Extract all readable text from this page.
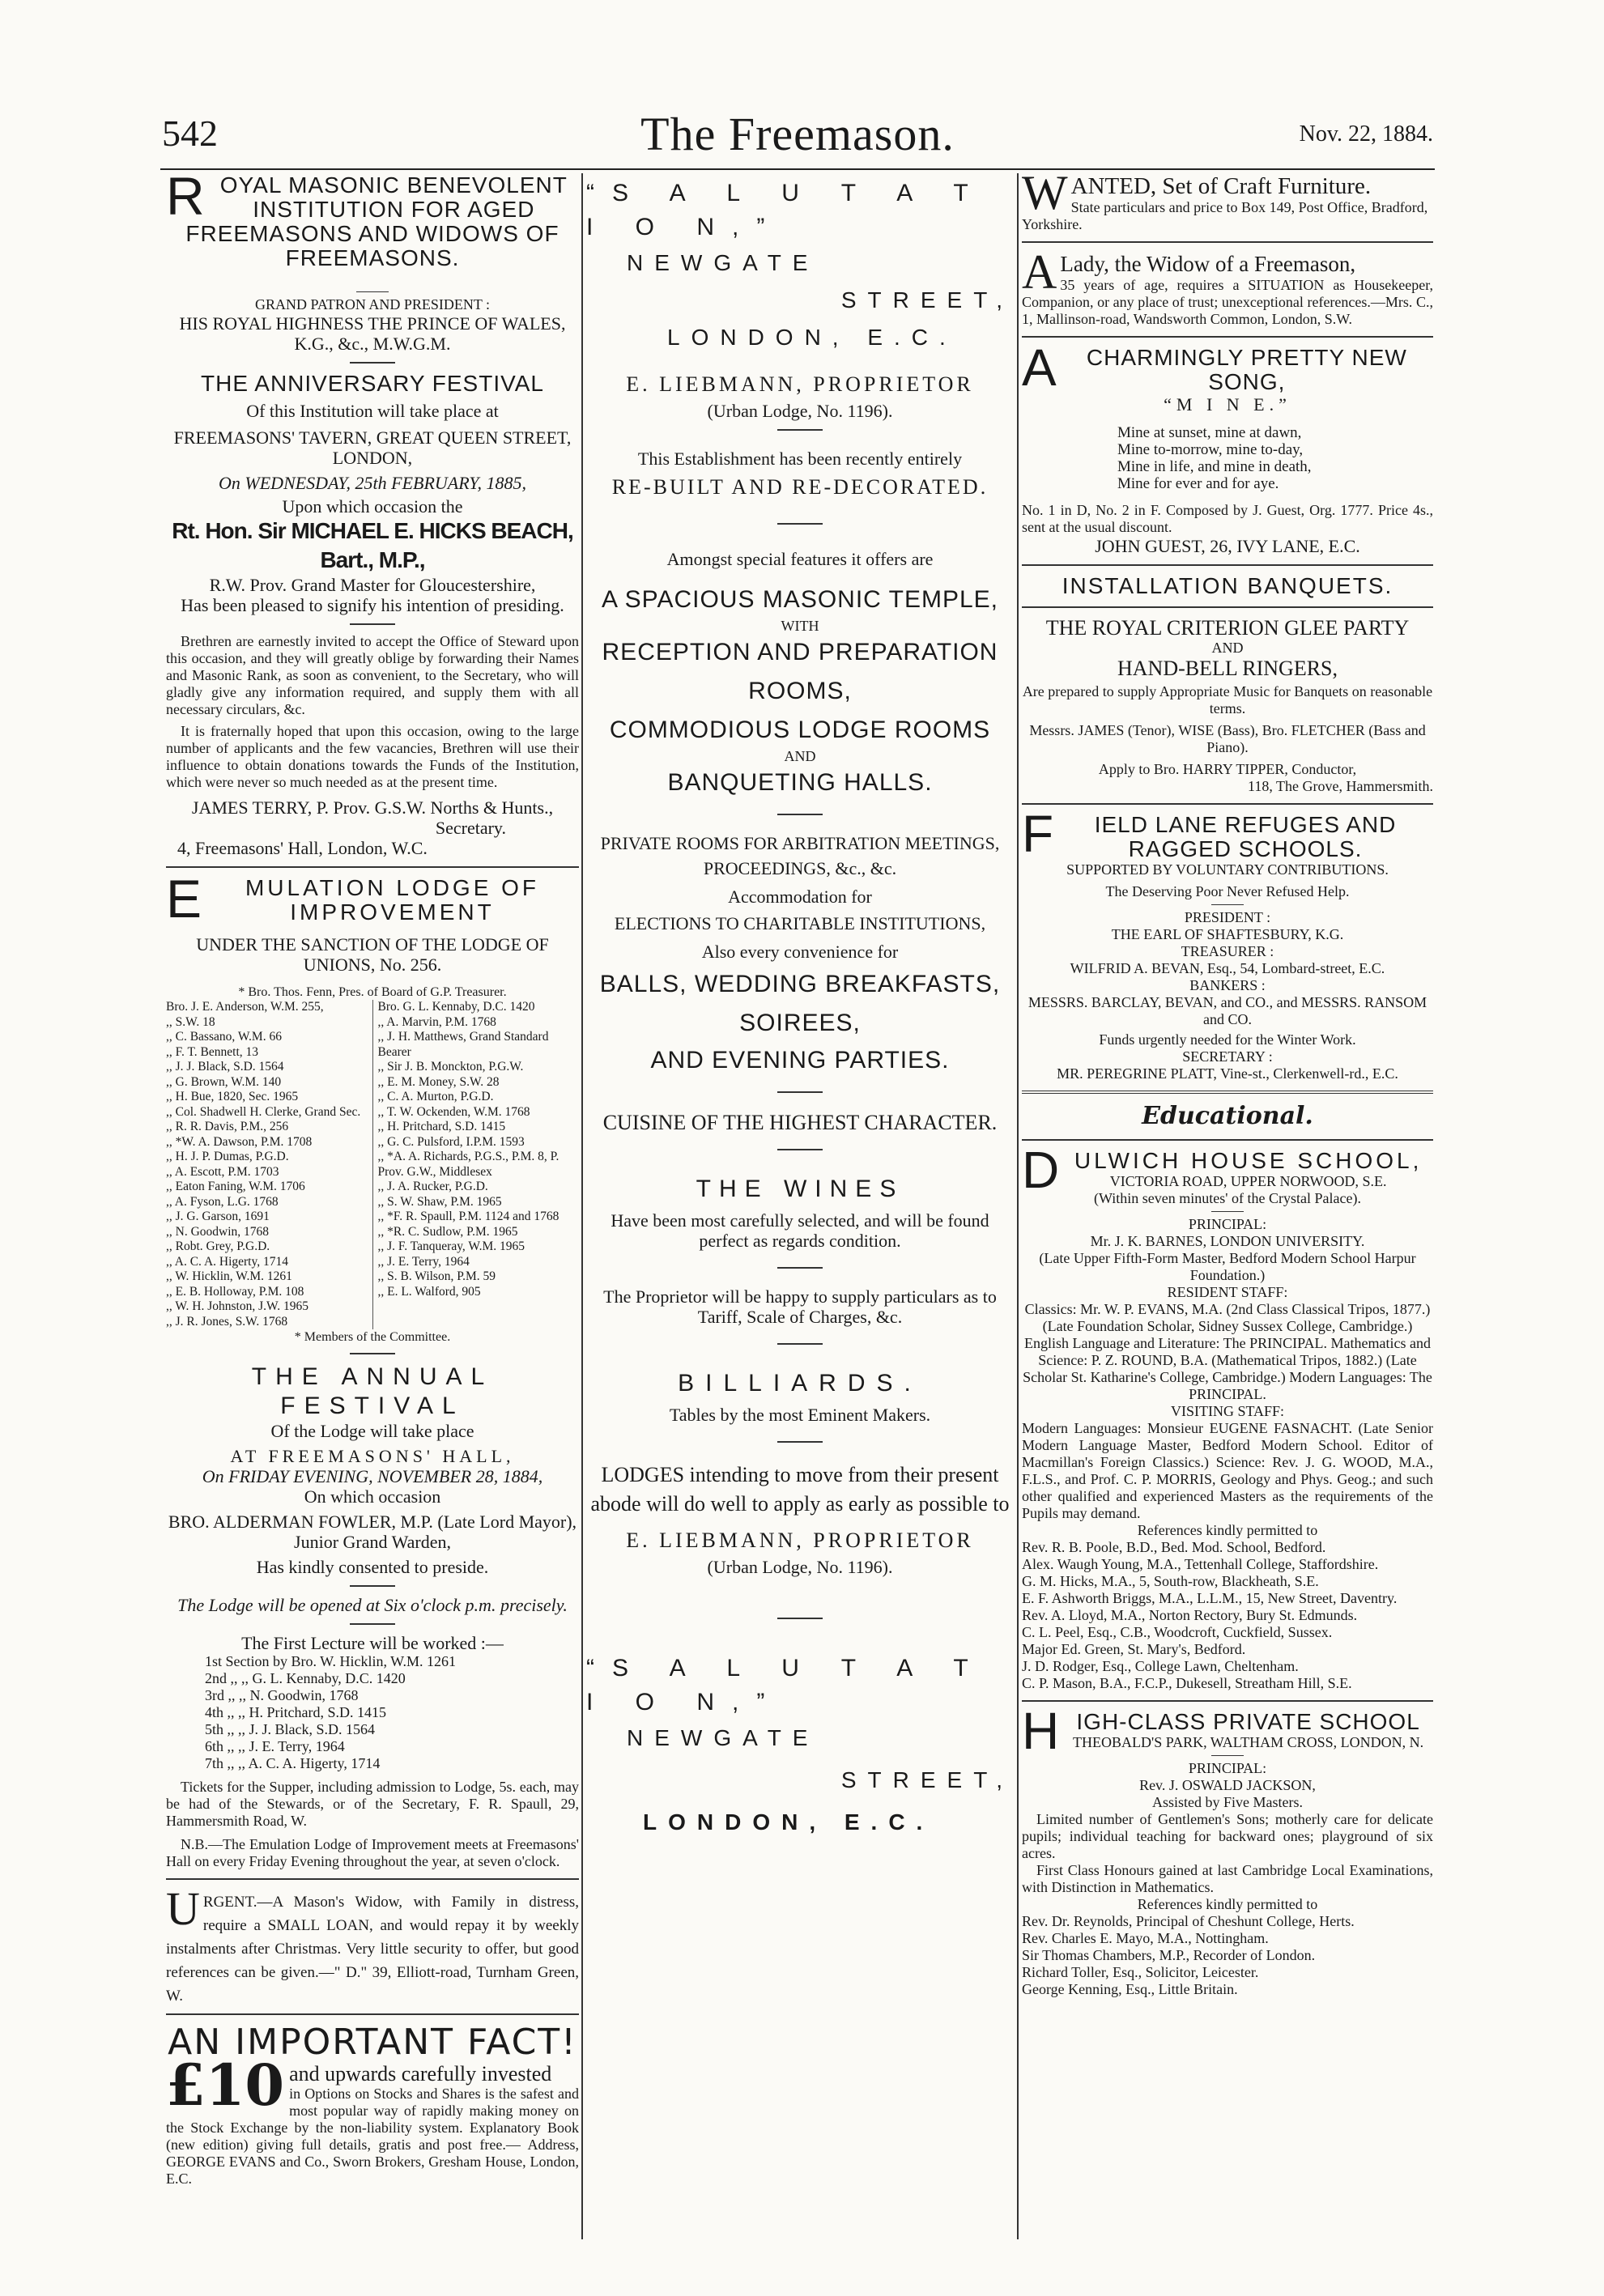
542	The Freemason.	Nov. 22, 1884.

ROYAL MASONIC BENEVOLENT INSTITUTION FOR AGED FREEMASONS AND WIDOWS OF FREEMASONS.

GRAND PATRON AND PRESIDENT :

HIS ROYAL HIGHNESS THE PRINCE OF WALES, K.G., &c., M.W.G.M.

THE ANNIVERSARY FESTIVAL

Of this Institution will take place at

FREEMASONS' TAVERN, GREAT QUEEN STREET, LONDON,

On WEDNESDAY, 25th FEBRUARY, 1885,

Upon which occasion the

Rt. Hon. Sir MICHAEL E. HICKS BEACH, Bart., M.P.,

R.W. Prov. Grand Master for Gloucestershire,

Has been pleased to signify his intention of presiding.

Brethren are earnestly invited to accept the Office of Steward upon this occasion, and they will greatly oblige by forwarding their Names and Masonic Rank, as soon as convenient, to the Secretary, who will gladly give any information required, and supply them with all necessary circulars, &c.

It is fraternally hoped that upon this occasion, owing to the large number of applicants and the few vacancies, Brethren will use their influence to obtain donations towards the Funds of the Institution, which were never so much needed as at the present time.

JAMES TERRY, P. Prov. G.S.W. Norths & Hunts.,

Secretary.

4, Freemasons' Hall, London, W.C.

E MULATION LODGE OF IMPROVEMENT

UNDER THE SANCTION OF THE LODGE OF UNIONS, No. 256.

* Bro. Thos. Fenn, Pres. of Board of G.P. Treasurer.

Bro. J. E. Anderson, W.M. 255,
,, S.W. 18
,, C. Bassano, W.M. 66
,, F. T. Bennett, 13
,, J. J. Black, S.D. 1564
,, G. Brown, W.M. 140
,, H. Bue, 1820, Sec. 1965
,, Col. Shadwell H. Clerke, Grand Sec.
,, R. R. Davis, P.M., 256
,, *W. A. Dawson, P.M. 1708
,, H. J. P. Dumas, P.G.D.
,, A. Escott, P.M. 1703
,, Eaton Faning, W.M. 1706
,, A. Fyson, L.G. 1768
,, J. G. Garson, 1691
,, N. Goodwin, 1768
,, Robt. Grey, P.G.D.
,, A. C. A. Higerty, 1714
,, W. Hicklin, W.M. 1261
,, E. B. Holloway, P.M. 108
,, W. H. Johnston, J.W. 1965
,, J. R. Jones, S.W. 1768
Bro. G. L. Kennaby, D.C. 1420
,, A. Marvin, P.M. 1768
,, J. H. Matthews, Grand Standard Bearer
,, Sir J. B. Monckton, P.G.W.
,, E. M. Money, S.W. 28
,, C. A. Murton, P.G.D.
,, T. W. Ockenden, W.M. 1768
,, H. Pritchard, S.D. 1415
,, G. C. Pulsford, I.P.M. 1593
,, *A. A. Richards, P.G.S., P.M. 8, P. Prov. G.W., Middlesex
,, J. A. Rucker, P.G.D.
,, S. W. Shaw, P.M. 1965
,, *F. R. Spaull, P.M. 1124 and 1768
,, *R. C. Sudlow, P.M. 1965
,, J. F. Tanqueray, W.M. 1965
,, J. E. Terry, 1964
,, S. B. Wilson, P.M. 59
,, E. L. Walford, 905

* Members of the Committee.

THE ANNUAL FESTIVAL

Of the Lodge will take place

AT FREEMASONS' HALL,

On FRIDAY EVENING, NOVEMBER 28, 1884,

On which occasion

BRO. ALDERMAN FOWLER, M.P. (Late Lord Mayor), Junior Grand Warden,

Has kindly consented to preside.

The Lodge will be opened at Six o'clock p.m. precisely.

The First Lecture will be worked :—

1st Section by Bro. W. Hicklin, W.M. 1261
2nd ,, ,, G. L. Kennaby, D.C. 1420
3rd ,, ,, N. Goodwin, 1768
4th ,, ,, H. Pritchard, S.D. 1415
5th ,, ,, J. J. Black, S.D. 1564
6th ,, ,, J. E. Terry, 1964
7th ,, ,, A. C. A. Higerty, 1714

Tickets for the Supper, including admission to Lodge, 5s. each, may be had of the Stewards, or of the Secretary, F. R. Spaull, 29, Hammersmith Road, W.

N.B.—The Emulation Lodge of Improvement meets at Freemasons' Hall on every Friday Evening throughout the year, at seven o'clock.

URGENT.—A Mason's Widow, with Family in distress, require a SMALL LOAN, and would repay it by weekly instalments after Christmas. Very little security to offer, but good references can be given.—" D." 39, Elliott-road, Turnham Green, W.

AN IMPORTANT FACT!

£10 and upwards carefully invested

in Options on Stocks and Shares is the safest and most popular way of rapidly making money on the Stock Exchange by the non-liability system. Explanatory Book (new edition) giving full details, gratis and post free.— Address, GEORGE EVANS and Co., Sworn Brokers, Gresham House, London, E.C.

“S A L U T A T I O N,”

NEWGATE

STREET,

LONDON, E.C.

E. LIEBMANN, PROPRIETOR

(Urban Lodge, No. 1196).

This Establishment has been recently entirely

RE-BUILT AND RE-DECORATED.

Amongst special features it offers are

A SPACIOUS MASONIC TEMPLE,

WITH

RECEPTION AND PREPARATION

ROOMS,

COMMODIOUS LODGE ROOMS

AND

BANQUETING HALLS.

PRIVATE ROOMS FOR ARBITRATION MEETINGS,

PROCEEDINGS, &c., &c.

Accommodation for

ELECTIONS TO CHARITABLE INSTITUTIONS,

Also every convenience for

BALLS, WEDDING BREAKFASTS,

SOIREES,

AND EVENING PARTIES.

CUISINE OF THE HIGHEST CHARACTER.

THE WINES

Have been most carefully selected, and will be found perfect as regards condition.

The Proprietor will be happy to supply particulars as to Tariff, Scale of Charges, &c.

BILLIARDS.

Tables by the most Eminent Makers.

LODGES intending to move from their present abode will do well to apply as early as possible to

E. LIEBMANN, PROPRIETOR

(Urban Lodge, No. 1196).

“S A L U T A T I O N,”

NEWGATE

STREET,

LONDON, E.C.

WANTED, Set of Craft Furniture.

State particulars and price to Box 149, Post Office, Bradford, Yorkshire.

A Lady, the Widow of a Freemason,

35 years of age, requires a SITUATION as Housekeeper, Companion, or any place of trust; unexceptional references.—Mrs. C., 1, Mallinson-road, Wandsworth Common, London, S.W.

A CHARMINGLY PRETTY NEW SONG,

“M I N E.”

Mine at sunset, mine at dawn,

Mine to-morrow, mine to-day,

Mine in life, and mine in death,

Mine for ever and for aye.

No. 1 in D, No. 2 in F. Composed by J. Guest, Org. 1777. Price 4s., sent at the usual discount.

JOHN GUEST, 26, IVY LANE, E.C.

INSTALLATION BANQUETS.

THE ROYAL CRITERION GLEE PARTY

AND

HAND-BELL RINGERS,

Are prepared to supply Appropriate Music for Banquets on reasonable terms.

Messrs. JAMES (Tenor), WISE (Bass), Bro. FLETCHER (Bass and Piano).

Apply to Bro. HARRY TIPPER, Conductor,

118, The Grove, Hammersmith.

F IELD LANE REFUGES AND RAGGED SCHOOLS.

SUPPORTED BY VOLUNTARY CONTRIBUTIONS.

The Deserving Poor Never Refused Help.

PRESIDENT :

THE EARL OF SHAFTESBURY, K.G.

TREASURER :

WILFRID A. BEVAN, Esq., 54, Lombard-street, E.C.

BANKERS :

MESSRS. BARCLAY, BEVAN, and CO., and MESSRS. RANSOM and CO.

Funds urgently needed for the Winter Work.

SECRETARY :

MR. PEREGRINE PLATT, Vine-st., Clerkenwell-rd., E.C.

Educational.

DULWICH HOUSE SCHOOL,

VICTORIA ROAD, UPPER NORWOOD, S.E.

(Within seven minutes' of the Crystal Palace).

PRINCIPAL:

Mr. J. K. BARNES, LONDON UNIVERSITY.

(Late Upper Fifth-Form Master, Bedford Modern School Harpur Foundation.)

RESIDENT STAFF:

Classics: Mr. W. P. EVANS, M.A. (2nd Class Classical Tripos, 1877.) (Late Foundation Scholar, Sidney Sussex College, Cambridge.) English Language and Literature: The PRINCIPAL. Mathematics and Science: P. Z. ROUND, B.A. (Mathematical Tripos, 1882.) (Late Scholar St. Katharine's College, Cambridge.) Modern Languages: The PRINCIPAL.

VISITING STAFF:

Modern Languages: Monsieur EUGENE FASNACHT. (Late Senior Modern Language Master, Bedford Modern School. Editor of Macmillan's Foreign Classics.) Science: Rev. J. G. WOOD, M.A., F.L.S., and Prof. C. P. MORRIS, Geology and Phys. Geog.; and such other qualified and experienced Masters as the requirements of the Pupils may demand.

References kindly permitted to

Rev. R. B. Poole, B.D., Bed. Mod. School, Bedford.

Alex. Waugh Young, M.A., Tettenhall College, Staffordshire.

G. M. Hicks, M.A., 5, South-row, Blackheath, S.E.

E. F. Ashworth Briggs, M.A., L.L.M., 15, New Street, Daventry.

Rev. A. Lloyd, M.A., Norton Rectory, Bury St. Edmunds.

C. L. Peel, Esq., C.B., Woodcroft, Cuckfield, Sussex.

Major Ed. Green, St. Mary's, Bedford.

J. D. Rodger, Esq., College Lawn, Cheltenham.

C. P. Mason, B.A., F.C.P., Dukesell, Streatham Hill, S.E.

HIGH-CLASS PRIVATE SCHOOL

THEOBALD'S PARK, WALTHAM CROSS, LONDON, N.

PRINCIPAL:

Rev. J. OSWALD JACKSON,

Assisted by Five Masters.

Limited number of Gentlemen's Sons; motherly care for delicate pupils; individual teaching for backward ones; playground of six acres.

First Class Honours gained at last Cambridge Local Examinations, with Distinction in Mathematics.

References kindly permitted to

Rev. Dr. Reynolds, Principal of Cheshunt College, Herts.

Rev. Charles E. Mayo, M.A., Nottingham.

Sir Thomas Chambers, M.P., Recorder of London.

Richard Toller, Esq., Solicitor, Leicester.

George Kenning, Esq., Little Britain.
